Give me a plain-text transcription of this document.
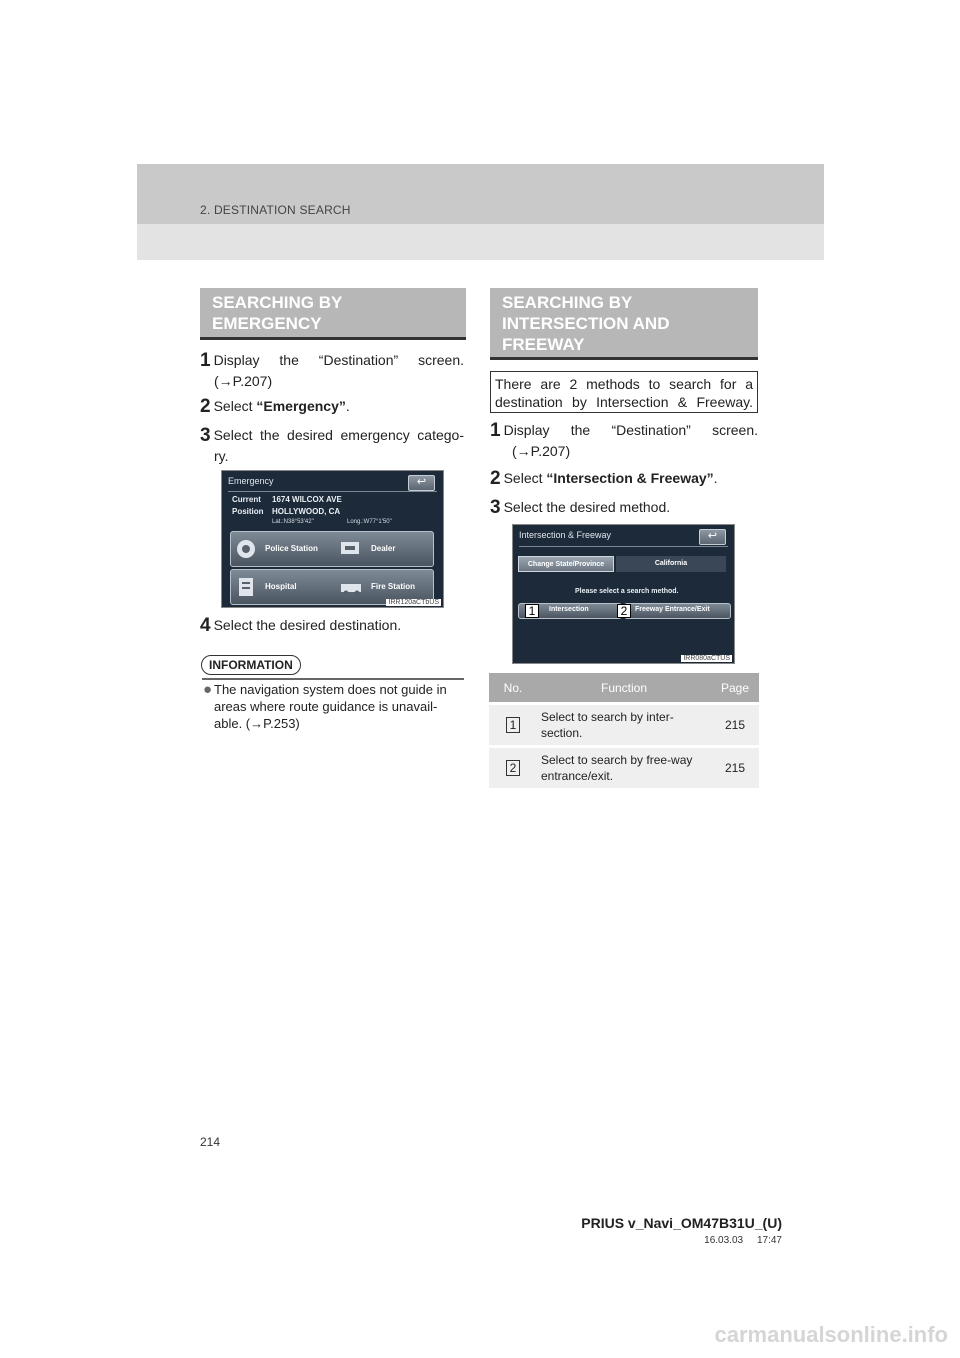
2. DESTINATION SEARCH
SEARCHING BY
EMERGENCY
1 Display the “Destination” screen.
(→P.207)
2 Select “Emergency”.
3 Select the desired emergency catego-
ry.
Emergency	↩
Current
Position
1674 WILCOX AVE
HOLLYWOOD, CA
Lat.:N38°53'42"	Long.:W77°1'50"
Police Station	Dealer
Hospital	Fire Station
IRR120aCTbUS
4 Select the desired destination.
INFORMATION
● The navigation system does not guide in areas where route guidance is unavail-able. (→P.253)
SEARCHING BY
INTERSECTION AND
FREEWAY
There are 2 methods to search for a destination by Intersection & Freeway.
1 Display the “Destination” screen.
(→P.207)
2 Select “Intersection & Freeway”.
3 Select the desired method.
Intersection & Freeway	↩
Change State/Province	California
Please select a search method.
Intersection	Freeway Entrance/Exit
1	2
IRR080aCTUS
No.	Function	Page
1	Select to search by inter-section.	215
2	Select to search by free-way entrance/exit.	215
214
PRIUS v_Navi_OM47B31U_(U)
16.03.03     17:47
carmanualsonline.info
